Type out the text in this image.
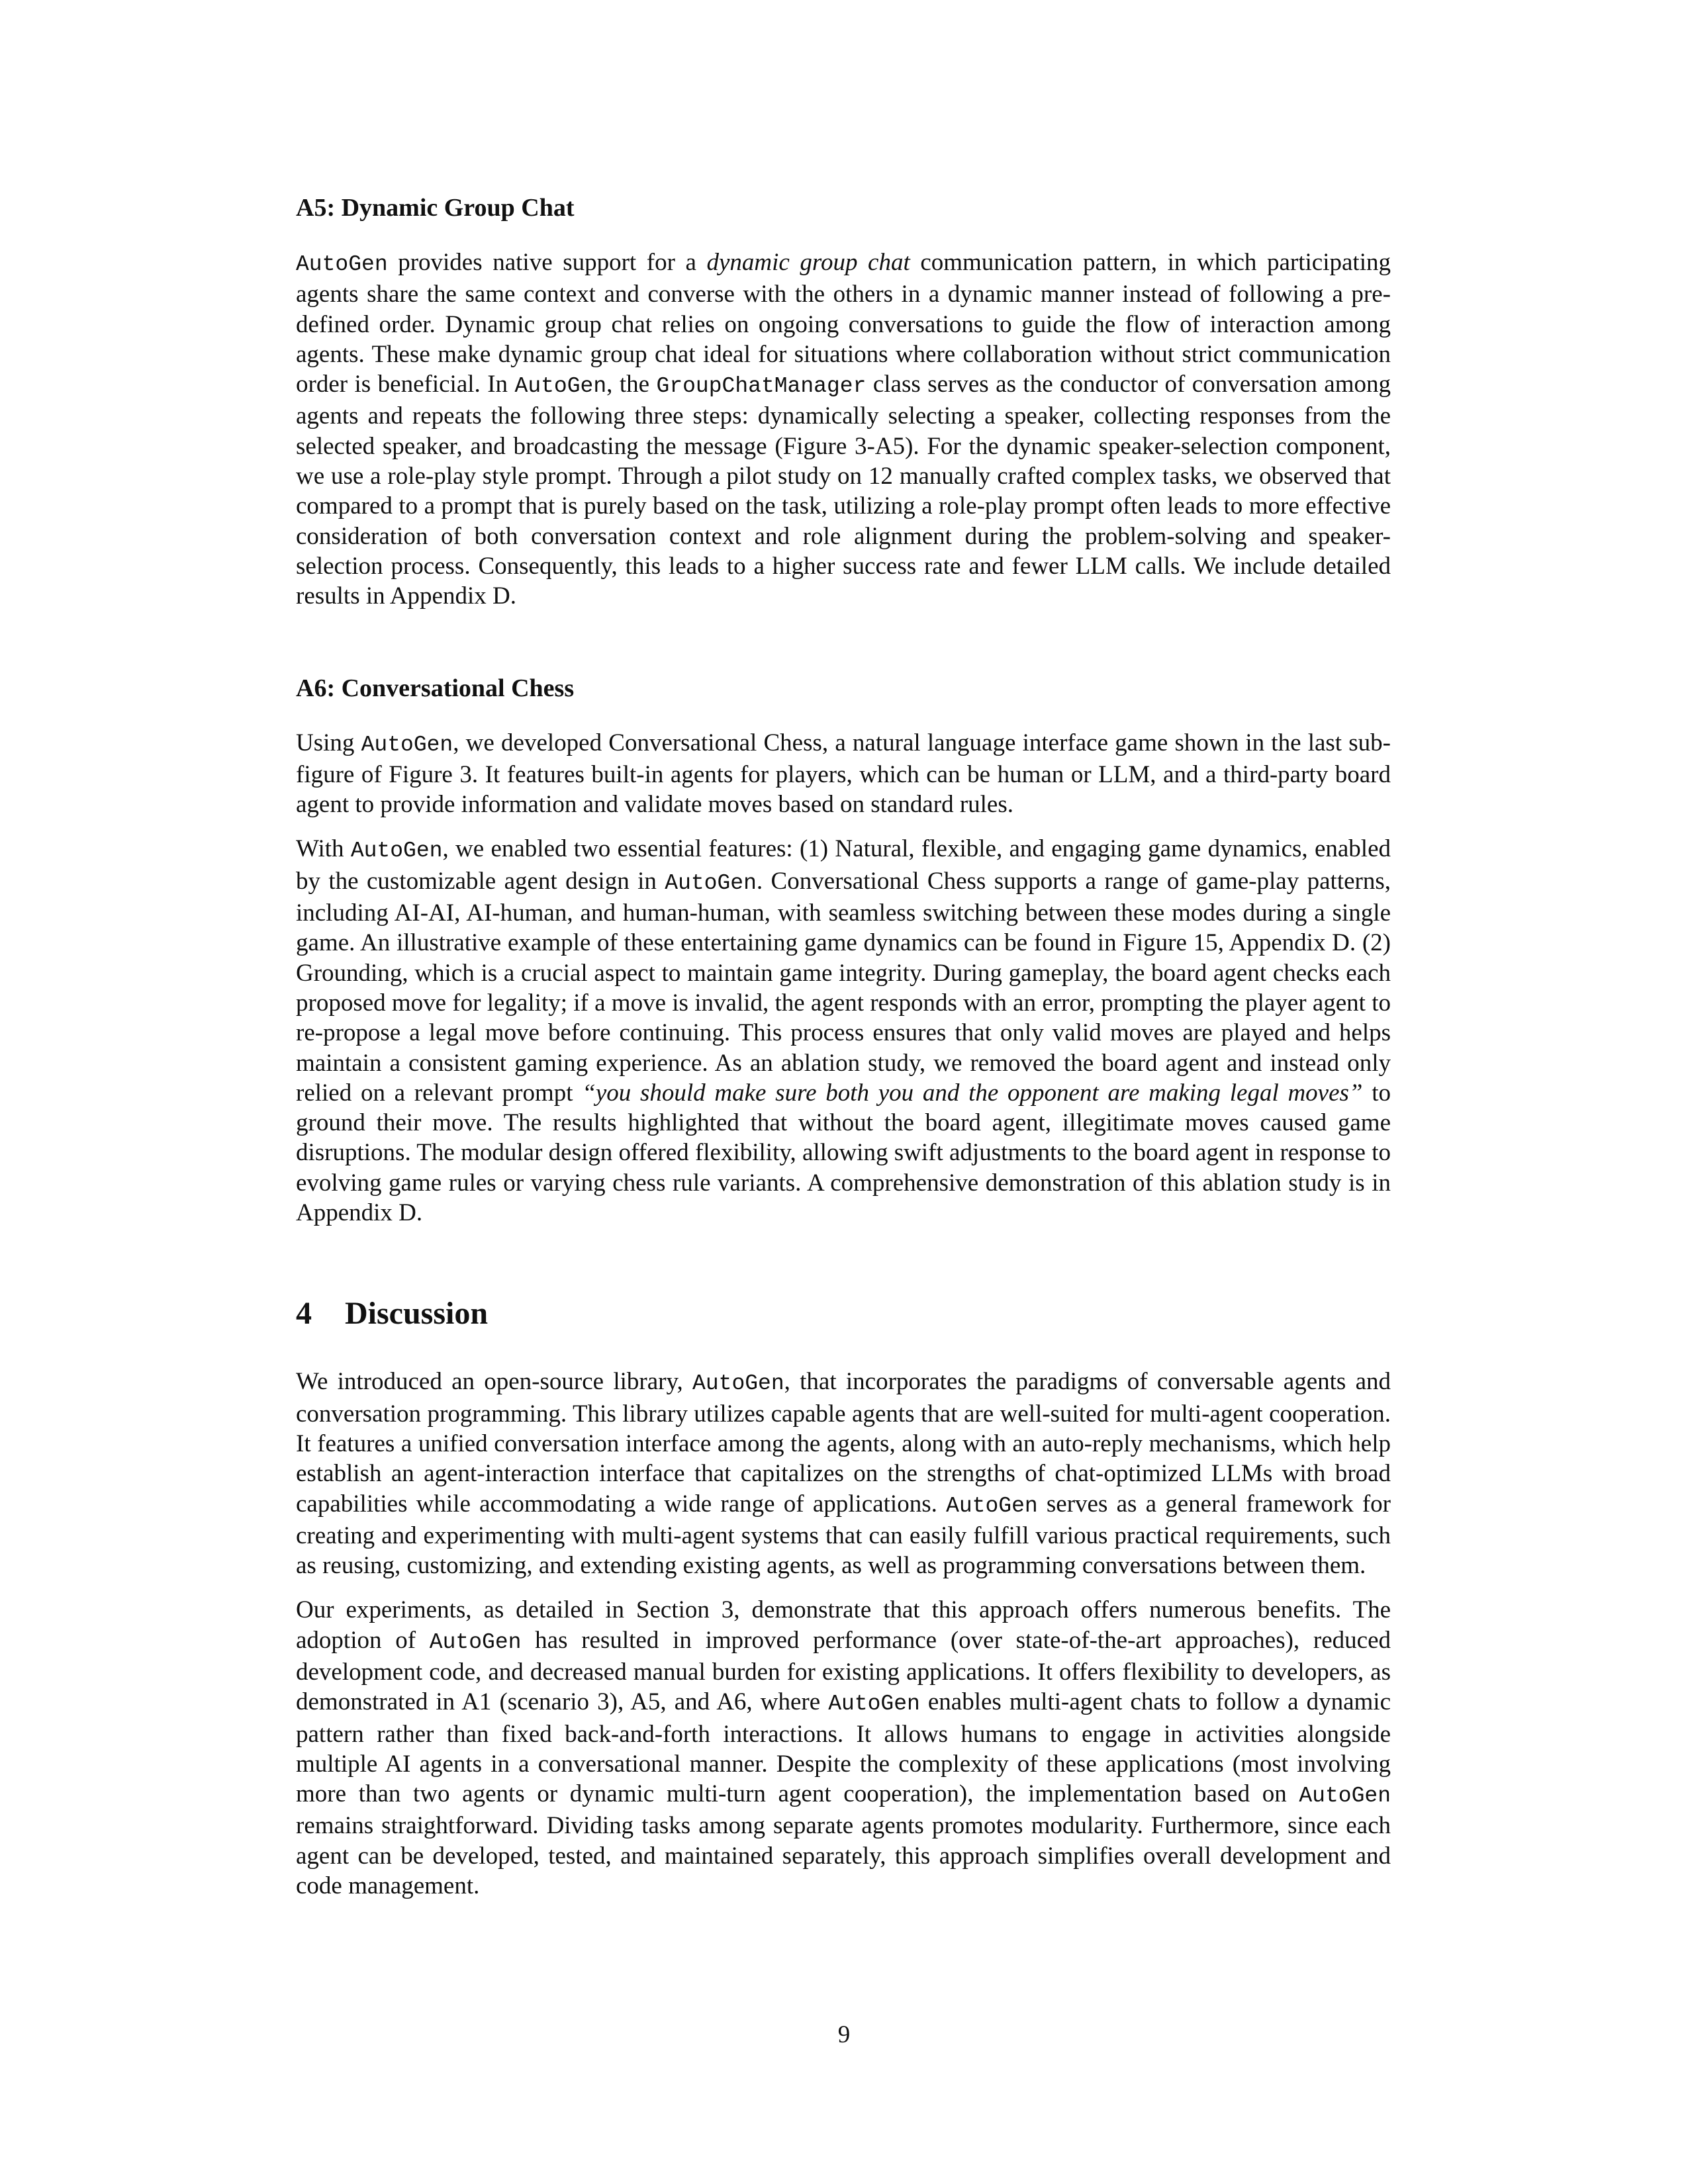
A5: Dynamic Group Chat

AutoGen provides native support for a dynamic group chat communication pattern, in which participating agents share the same context and converse with the others in a dynamic manner instead of following a pre-defined order. Dynamic group chat relies on ongoing conversations to guide the flow of interaction among agents. These make dynamic group chat ideal for situations where collaboration without strict communication order is beneficial. In AutoGen, the GroupChatManager class serves as the conductor of conversation among agents and repeats the following three steps: dynamically selecting a speaker, collecting responses from the selected speaker, and broadcasting the message (Figure 3-A5). For the dynamic speaker-selection component, we use a role-play style prompt. Through a pilot study on 12 manually crafted complex tasks, we observed that compared to a prompt that is purely based on the task, utilizing a role-play prompt often leads to more effective consideration of both conversation context and role alignment during the problem-solving and speaker-selection process. Consequently, this leads to a higher success rate and fewer LLM calls. We include detailed results in Appendix D.

A6: Conversational Chess

Using AutoGen, we developed Conversational Chess, a natural language interface game shown in the last sub-figure of Figure 3. It features built-in agents for players, which can be human or LLM, and a third-party board agent to provide information and validate moves based on standard rules.

With AutoGen, we enabled two essential features: (1) Natural, flexible, and engaging game dynamics, enabled by the customizable agent design in AutoGen. Conversational Chess supports a range of game-play patterns, including AI-AI, AI-human, and human-human, with seamless switching between these modes during a single game. An illustrative example of these entertaining game dynamics can be found in Figure 15, Appendix D. (2) Grounding, which is a crucial aspect to maintain game integrity. During gameplay, the board agent checks each proposed move for legality; if a move is invalid, the agent responds with an error, prompting the player agent to re-propose a legal move before continuing. This process ensures that only valid moves are played and helps maintain a consistent gaming experience. As an ablation study, we removed the board agent and instead only relied on a relevant prompt “you should make sure both you and the opponent are making legal moves” to ground their move. The results highlighted that without the board agent, illegitimate moves caused game disruptions. The modular design offered flexibility, allowing swift adjustments to the board agent in response to evolving game rules or varying chess rule variants. A comprehensive demonstration of this ablation study is in Appendix D.

4 Discussion

We introduced an open-source library, AutoGen, that incorporates the paradigms of conversable agents and conversation programming. This library utilizes capable agents that are well-suited for multi-agent cooperation. It features a unified conversation interface among the agents, along with an auto-reply mechanisms, which help establish an agent-interaction interface that capitalizes on the strengths of chat-optimized LLMs with broad capabilities while accommodating a wide range of applications. AutoGen serves as a general framework for creating and experimenting with multi-agent systems that can easily fulfill various practical requirements, such as reusing, customizing, and extending existing agents, as well as programming conversations between them.

Our experiments, as detailed in Section 3, demonstrate that this approach offers numerous benefits. The adoption of AutoGen has resulted in improved performance (over state-of-the-art approaches), reduced development code, and decreased manual burden for existing applications. It offers flexibility to developers, as demonstrated in A1 (scenario 3), A5, and A6, where AutoGen enables multi-agent chats to follow a dynamic pattern rather than fixed back-and-forth interactions. It allows humans to engage in activities alongside multiple AI agents in a conversational manner. Despite the complexity of these applications (most involving more than two agents or dynamic multi-turn agent cooperation), the implementation based on AutoGen remains straightforward. Dividing tasks among separate agents promotes modularity. Furthermore, since each agent can be developed, tested, and maintained separately, this approach simplifies overall development and code management.

9
